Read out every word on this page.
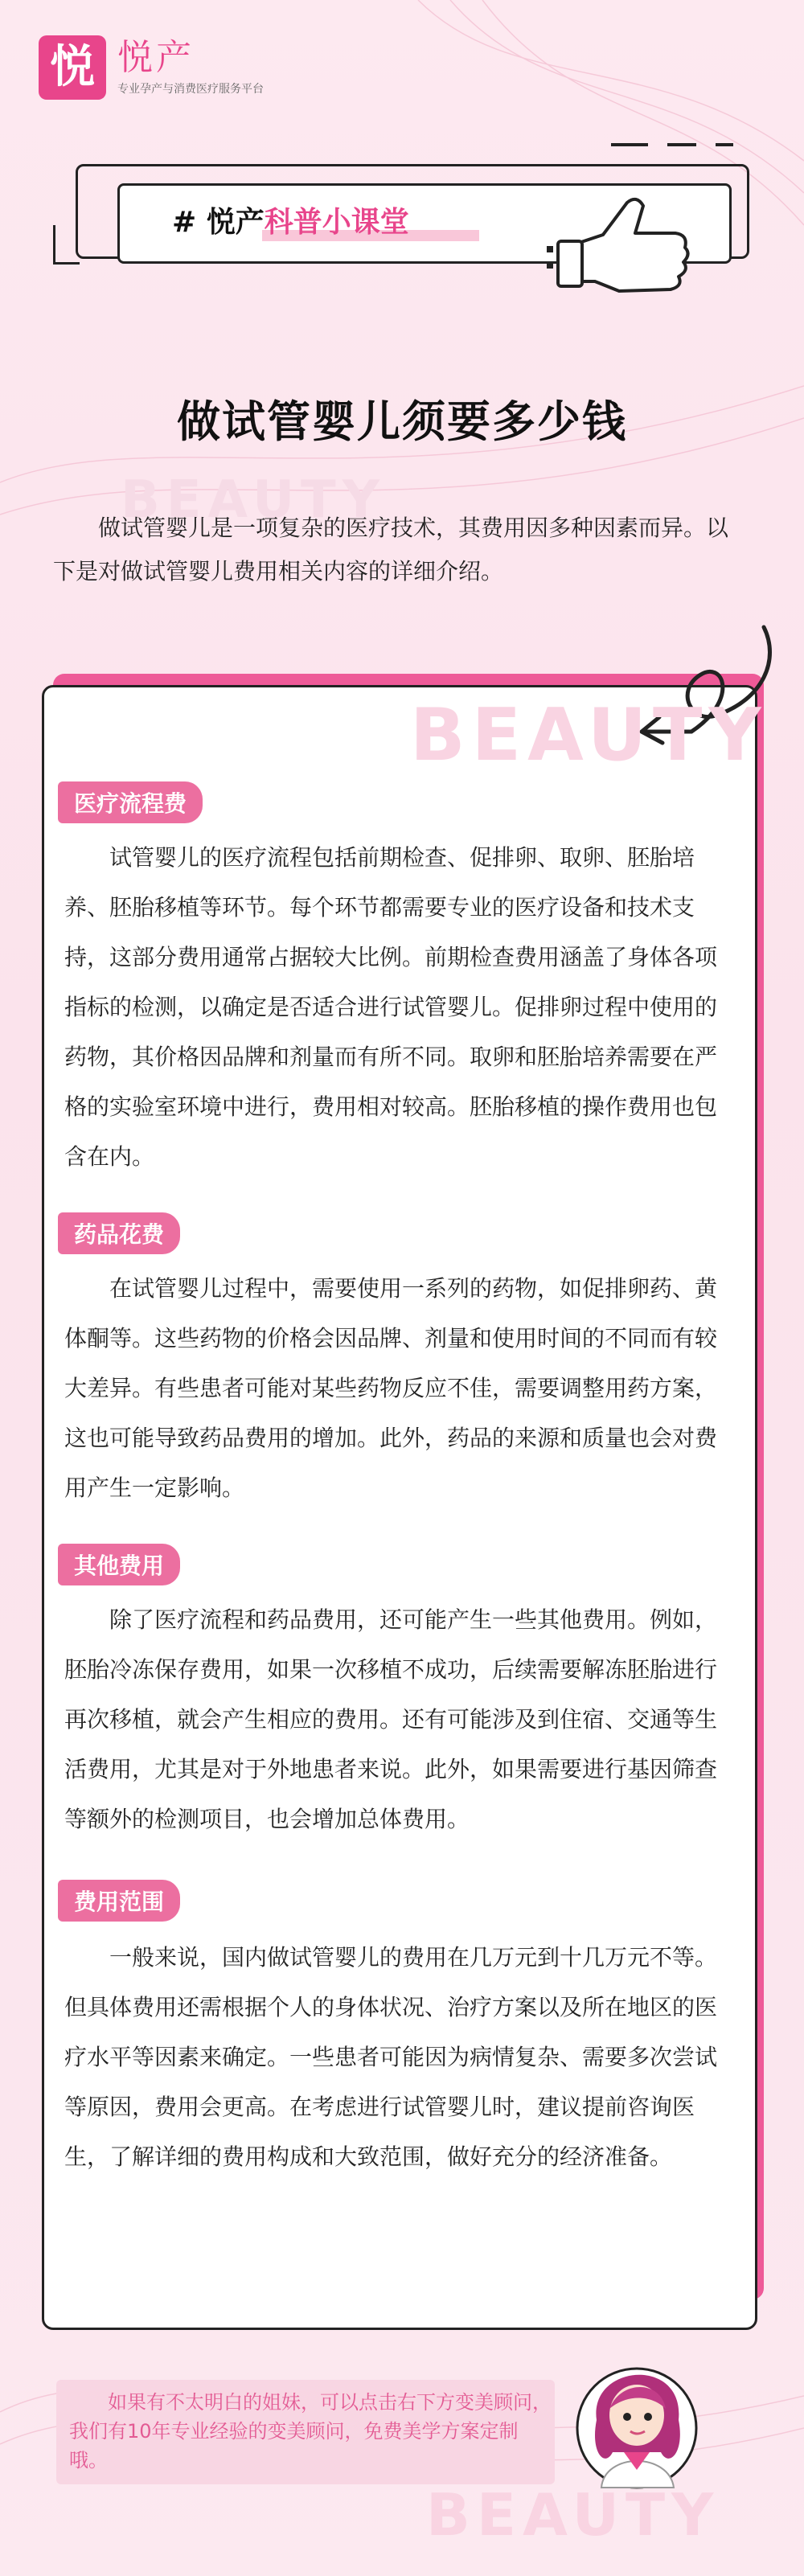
悦 悦产
专业孕产与消费医疗服务平台
# 悦产科普小课堂
BEAUTY
做试管婴儿须要多少钱
做试管婴儿是一项复杂的医疗技术，其费用因多种因素而异。以下是对做试管婴儿费用相关内容的详细介绍。
BEAUTY
医疗流程费
试管婴儿的医疗流程包括前期检查、促排卵、取卵、胚胎培养、胚胎移植等环节。每个环节都需要专业的医疗设备和技术支持，这部分费用通常占据较大比例。前期检查费用涵盖了身体各项指标的检测，以确定是否适合进行试管婴儿。促排卵过程中使用的药物，其价格因品牌和剂量而有所不同。取卵和胚胎培养需要在严格的实验室环境中进行，费用相对较高。胚胎移植的操作费用也包含在内。
药品花费
在试管婴儿过程中，需要使用一系列的药物，如促排卵药、黄体酮等。这些药物的价格会因品牌、剂量和使用时间的不同而有较大差异。有些患者可能对某些药物反应不佳，需要调整用药方案，这也可能导致药品费用的增加。此外，药品的来源和质量也会对费用产生一定影响。
其他费用
除了医疗流程和药品费用，还可能产生一些其他费用。例如，胚胎冷冻保存费用，如果一次移植不成功，后续需要解冻胚胎进行再次移植，就会产生相应的费用。还有可能涉及到住宿、交通等生活费用，尤其是对于外地患者来说。此外，如果需要进行基因筛查等额外的检测项目，也会增加总体费用。
费用范围
一般来说，国内做试管婴儿的费用在几万元到十几万元不等。但具体费用还需根据个人的身体状况、治疗方案以及所在地区的医疗水平等因素来确定。一些患者可能因为病情复杂、需要多次尝试等原因，费用会更高。在考虑进行试管婴儿时，建议提前咨询医生，了解详细的费用构成和大致范围，做好充分的经济准备。
如果有不太明白的姐妹，可以点击右下方变美顾问，我们有10年专业经验的变美顾问，免费美学方案定制哦。
BEAUTY
